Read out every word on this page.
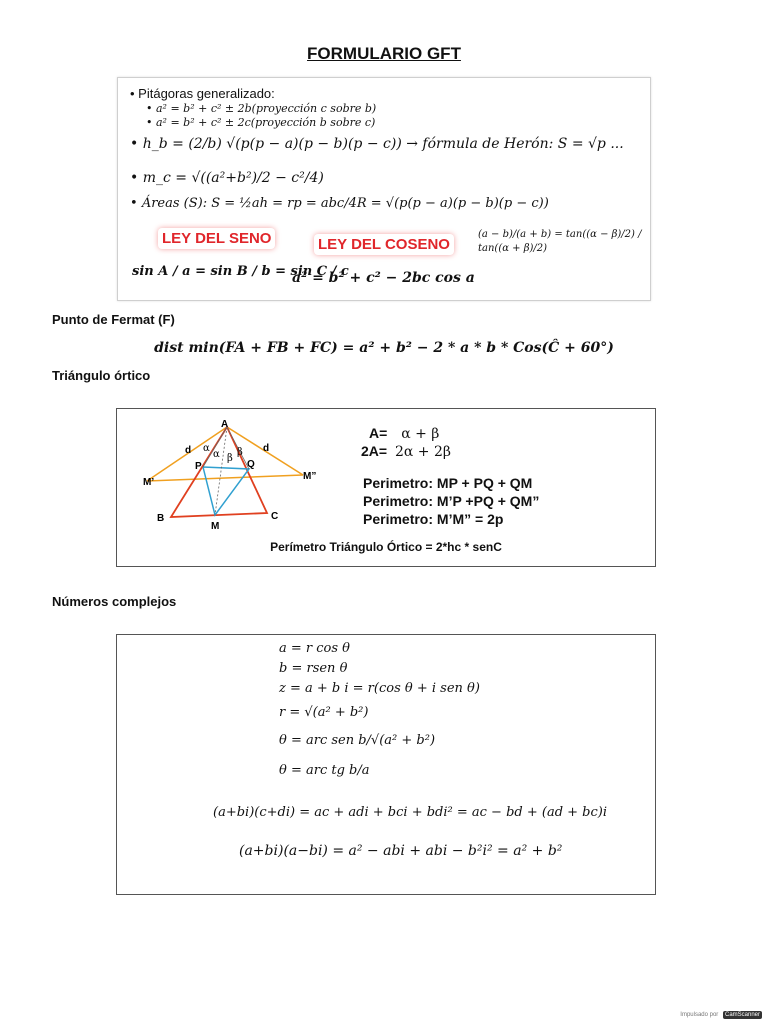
FORMULARIO GFT
• Pitágoras generalizado:
• a² = b² + c² ± 2b(proyección c sobre b)
• a² = b² + c² ± 2c(proyección b sobre c)
• h_b = (2/b) √(p(p − a)(p − b)(p − c)) → fórmula de Herón: S = √p ...
• m_c = √((a²+b²)/2 − c²/4)
• Áreas (S): S = ½ah = rp = abc/4R = √(p(p − a)(p − b)(p − c))
LEY DEL SENO	LEY DEL COSENO
sin A / a = sin B / b = sin C / c
a² = b² + c² − 2bc cos a
(a − b)/(a + b) = tan((α − β)/2) / tan((α + β)/2)
Punto de Fermat (F)
dist min(FA + FB + FC) = a² + b² − 2 * a * b * Cos(Ĉ + 60°)
Triángulo órtico
A
B	C
M
P	Q
M’
M”
d	d
α
α β
β
A= α + β
2A= 2α + 2β
Perimetro: MP + PQ + QM
Perimetro: M’P +PQ + QM”
Perimetro: M’M” = 2p
Perímetro Triángulo Órtico = 2*hc * senC
Números complejos
a = r cos θ
b = rsen θ
z = a + b i = r(cos θ + i sen θ)
r = √(a² + b²)
θ = arc sen b/√(a² + b²)
θ = arc tg b/a
(a+bi)(c+di) = ac + adi + bci + bdi² = ac − bd + (ad + bc)i
(a+bi)(a−bi) = a² − abi + abi − b²i² = a² + b²
Impulsado por CamScanner
